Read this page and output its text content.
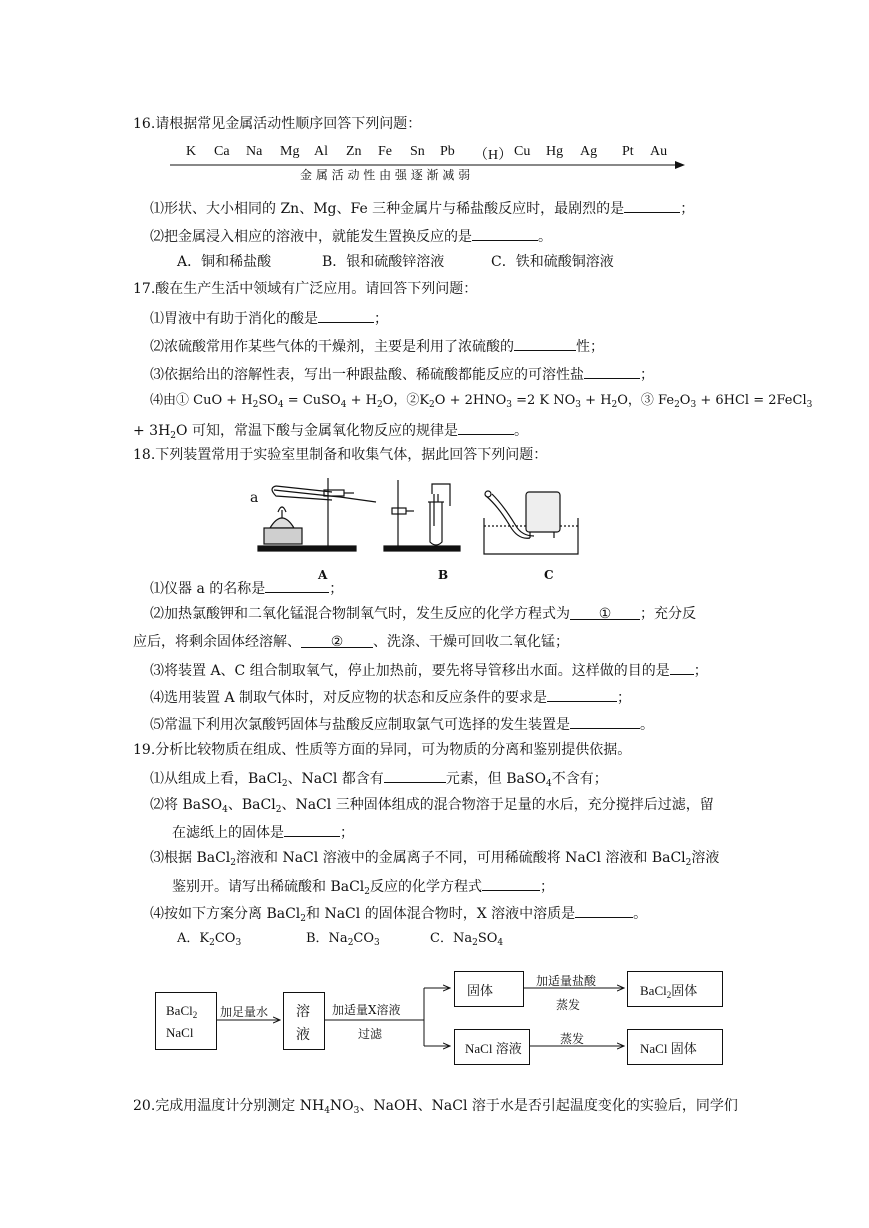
16.请根据常见金属活动性顺序回答下列问题：
K Ca Na Mg Al Zn Fe Sn Pb （H） Cu Hg Ag Pt Au
金 属 活 动 性 由 强 逐 渐 减 弱
⑴形状、大小相同的 Zn、Mg、Fe 三种金属片与稀盐酸反应时，最剧烈的是	；
⑵把金属浸入相应的溶液中，就能发生置换反应的是	。
A．铜和稀盐酸	B．银和硫酸锌溶液	C．铁和硫酸铜溶液
17.酸在生产生活中领域有广泛应用。请回答下列问题：
⑴胃液中有助于消化的酸是	；
⑵浓硫酸常用作某些气体的干燥剂，主要是利用了浓硫酸的	性；
⑶依据给出的溶解性表，写出一种跟盐酸、稀硫酸都能反应的可溶性盐	；
⑷由① CuO + $H_2SO_4$ = CuSO$_4$ + $H_2O$，$②K_2O + 2HNO_3 =2$ K $NO_3 + H_2O$，③ $Fe_2O_3 + 6HCl$ = 2FeCl$_3$
+ $3H_2O$ 可知，常温下酸与金属氧化物反应的规律是	。
18.下列装置常用于实验室里制备和收集气体，据此回答下列问题：
a
A	B	C
⑴仪器 a 的名称是	；
⑵加热氯酸钾和二氧化锰混合物制氧气时，发生反应的化学方程式为 ① ；充分反
应后，将剩余固体经溶解、 ② 、洗涤、干燥可回收二氧化锰；
⑶将装置 A、C 组合制取氧气，停止加热前，要先将导管移出水面。这样做的目的是 ；
⑷选用装置 A 制取气体时，对反应物的状态和反应条件的要求是	；
⑸常温下利用次氯酸钙固体与盐酸反应制取氯气可选择的发生装置是	。
19.分析比较物质在组成、性质等方面的异同，可为物质的分离和鉴别提供依据。
⑴从组成上看，BaCl$_2$、NaCl 都含有	元素，但 BaSO$_4$不含有；
⑵将 BaSO$_4$、BaCl$_2$、NaCl 三种固体组成的混合物溶于足量的水后，充分搅拌后过滤，留
在滤纸上的固体是	；
⑶根据 BaCl$_2$溶液和 NaCl 溶液中的金属离子不同，可用稀硫酸将 NaCl 溶液和 BaCl$_2$溶液
鉴别开。请写出稀硫酸和 BaCl$_2$反应的化学方程式	；
⑷按如下方案分离 BaCl$_2$和 NaCl 的固体混合物时，X 溶液中溶质是	。
A．$K_2CO_3$	B．$Na_2CO_3$	C．$Na_2SO_4$
BaCl$_2$
NaCl
加足量水 溶
液
加适量X溶液
过滤
固体
加适量盐酸
蒸发
BaCl$_2$固体
NaCl 溶液
蒸发
NaCl 固体
20.完成用温度计分别测定 $NH_4NO_3$、NaOH、NaCl 溶于水是否引起温度变化的实验后，同学们
